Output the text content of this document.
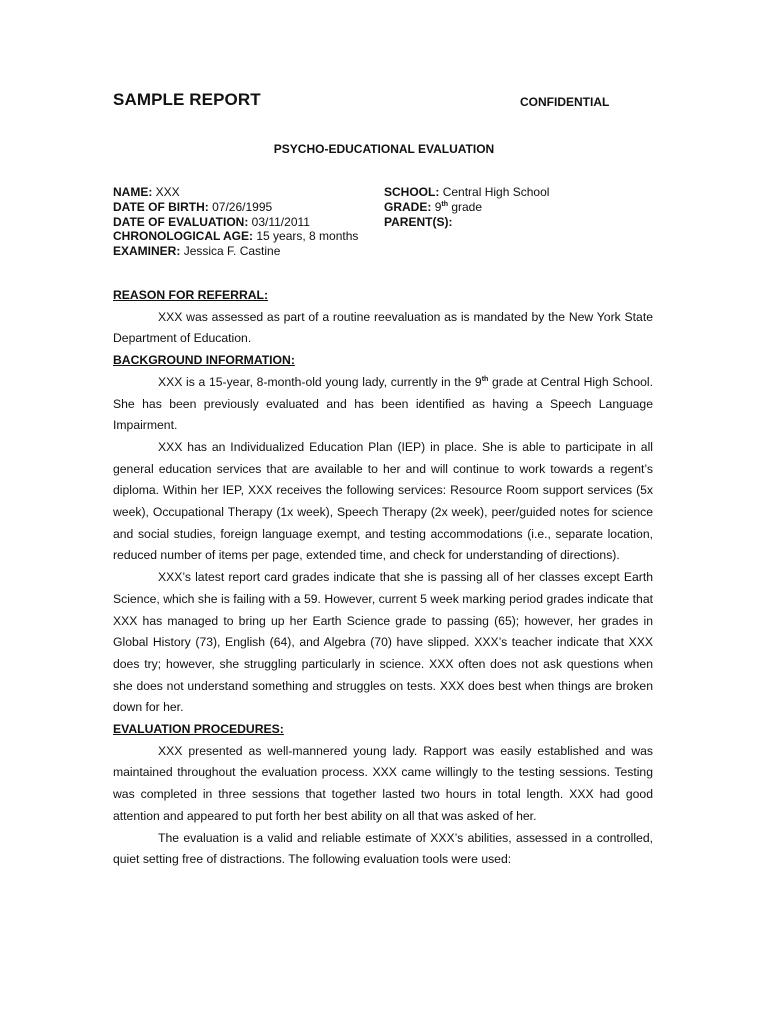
SAMPLE REPORT	CONFIDENTIAL
PSYCHO-EDUCATIONAL EVALUATION
NAME: XXX
DATE OF BIRTH: 07/26/1995
DATE OF EVALUATION: 03/11/2011
CHRONOLOGICAL AGE: 15 years, 8 months
EXAMINER: Jessica F. Castine
SCHOOL: Central High School
GRADE: 9th grade
PARENT(S):
REASON FOR REFERRAL:

XXX was assessed as part of a routine reevaluation as is mandated by the New York State Department of Education.

BACKGROUND INFORMATION:

XXX is a 15-year, 8-month-old young lady, currently in the 9th grade at Central High School. She has been previously evaluated and has been identified as having a Speech Language Impairment.

XXX has an Individualized Education Plan (IEP) in place. She is able to participate in all general education services that are available to her and will continue to work towards a regent’s diploma. Within her IEP, XXX receives the following services: Resource Room support services (5x week), Occupational Therapy (1x week), Speech Therapy (2x week), peer/guided notes for science and social studies, foreign language exempt, and testing accommodations (i.e., separate location, reduced number of items per page, extended time, and check for understanding of directions).

XXX’s latest report card grades indicate that she is passing all of her classes except Earth Science, which she is failing with a 59. However, current 5 week marking period grades indicate that XXX has managed to bring up her Earth Science grade to passing (65); however, her grades in Global History (73), English (64), and Algebra (70) have slipped. XXX’s teacher indicate that XXX does try; however, she struggling particularly in science. XXX often does not ask questions when she does not understand something and struggles on tests. XXX does best when things are broken down for her.

EVALUATION PROCEDURES:

XXX presented as well-mannered young lady. Rapport was easily established and was maintained throughout the evaluation process. XXX came willingly to the testing sessions. Testing was completed in three sessions that together lasted two hours in total length. XXX had good attention and appeared to put forth her best ability on all that was asked of her.

The evaluation is a valid and reliable estimate of XXX’s abilities, assessed in a controlled, quiet setting free of distractions. The following evaluation tools were used:
